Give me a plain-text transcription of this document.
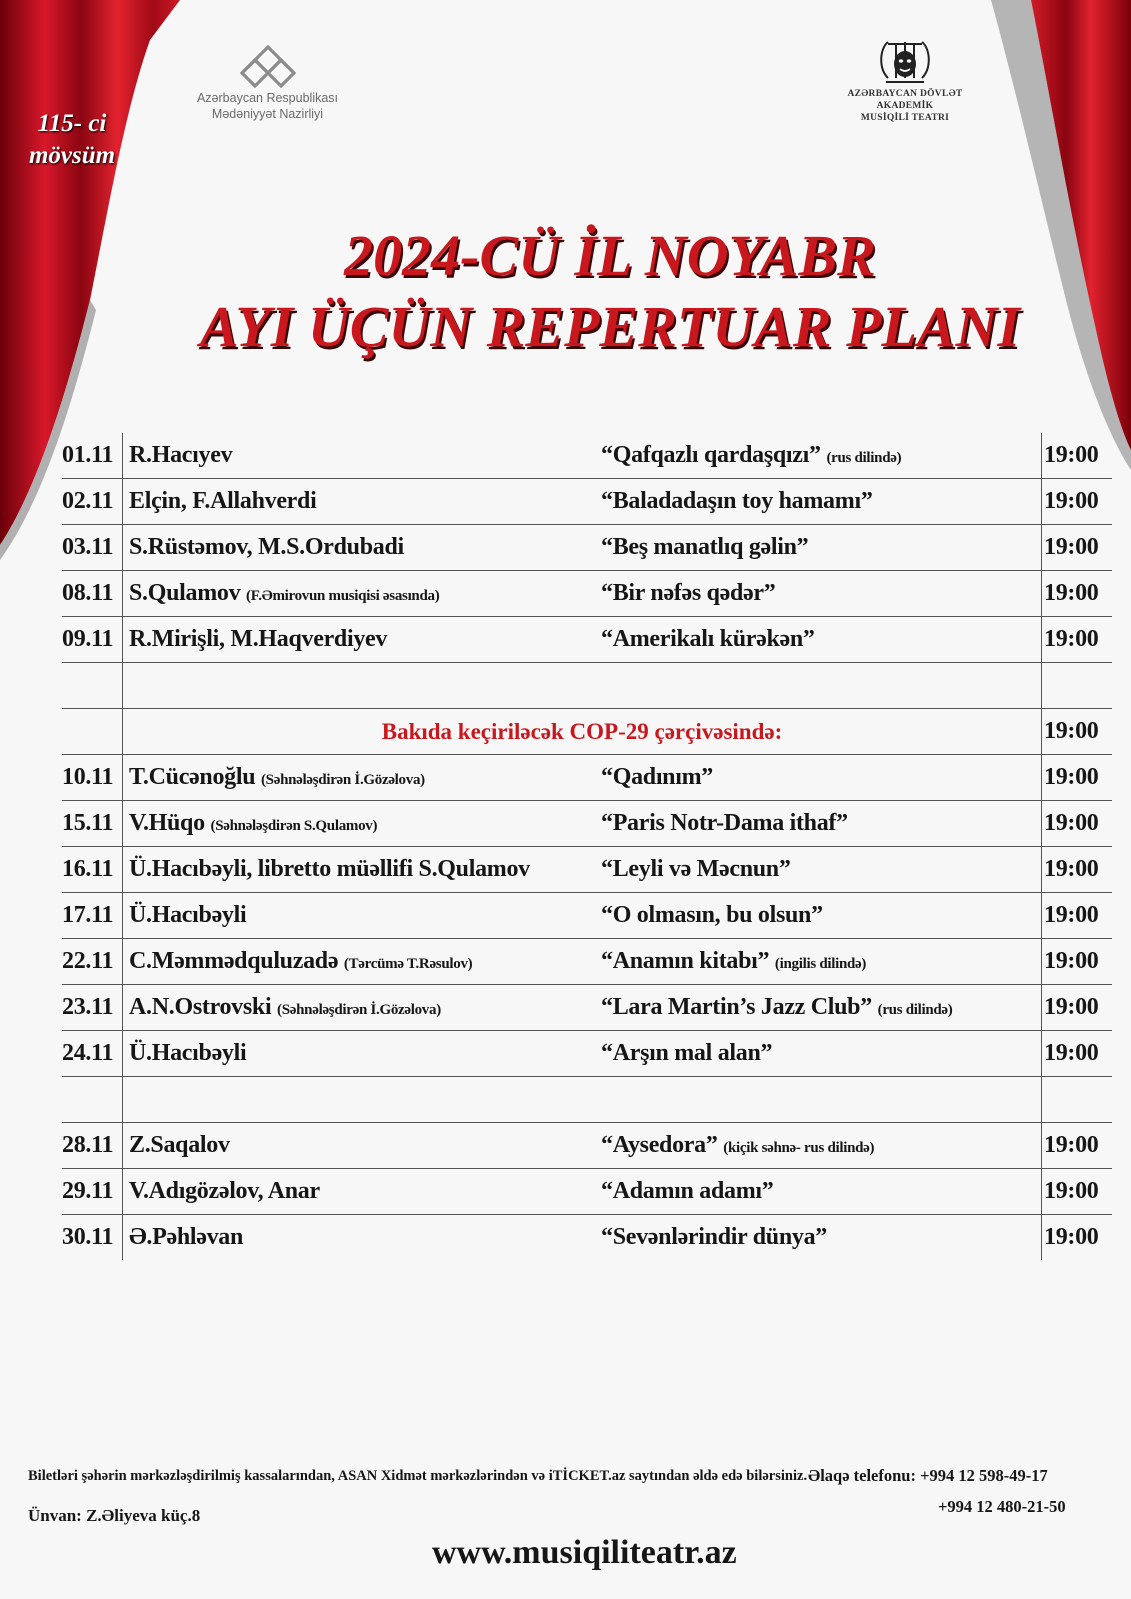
115- ci
mövsüm
Azərbaycan Respublikası
Mədəniyyət Nazirliyi
AZƏRBAYCAN DÖVLƏT
AKADEMİK
MUSİQİLİ TEATRI
2024-CÜ İL NOYABR
AYI ÜÇÜN REPERTUAR PLANI
01.11	R.Hacıyev	“Qafqazlı qardaşqızı” (rus dilində)	19:00
02.11	Elçin, F.Allahverdi	“Baladadaşın toy hamamı”	19:00
03.11	S.Rüstəmov, M.S.Ordubadi	“Beş manatlıq gəlin”	19:00
08.11	S.Qulamov (F.Əmirovun musiqisi əsasında)	“Bir nəfəs qədər”	19:00
09.11	R.Mirişli, M.Haqverdiyev	“Amerikalı kürəkən”	19:00

	Bakıda keçiriləcək COP-29 çərçivəsində:		19:00
10.11	T.Cücənoğlu (Səhnələşdirən İ.Gözəlova)	“Qadınım”	19:00
15.11	V.Hüqo (Səhnələşdirən S.Qulamov)	“Paris Notr-Dama ithaf”	19:00
16.11	Ü.Hacıbəyli, libretto müəllifi S.Qulamov	“Leyli və Məcnun”	19:00
17.11	Ü.Hacıbəyli	“O olmasın, bu olsun”	19:00
22.11	C.Məmmədquluzadə (Tərcümə T.Rəsulov)	“Anamın kitabı” (ingilis dilində)	19:00
23.11	A.N.Ostrovski (Səhnələşdirən İ.Gözəlova)	“Lara Martin’s Jazz Club” (rus dilində)	19:00
24.11	Ü.Hacıbəyli	“Arşın mal alan”	19:00

28.11	Z.Saqalov	“Aysedora” (kiçik səhnə- rus dilində)	19:00
29.11	V.Adıgözəlov, Anar	“Adamın adamı”	19:00
30.11	Ə.Pəhləvan	“Sevənlərindir dünya”	19:00
Biletləri şəhərin mərkəzləşdirilmiş kassalarından, ASAN Xidmət mərkəzlərindən və iTİCKET.az saytından əldə edə bilərsiniz. Əlaqə telefonu: +994 12 598-49-17
+994 12 480-21-50
Ünvan: Z.Əliyeva küç.8
www.musiqiliteatr.az
